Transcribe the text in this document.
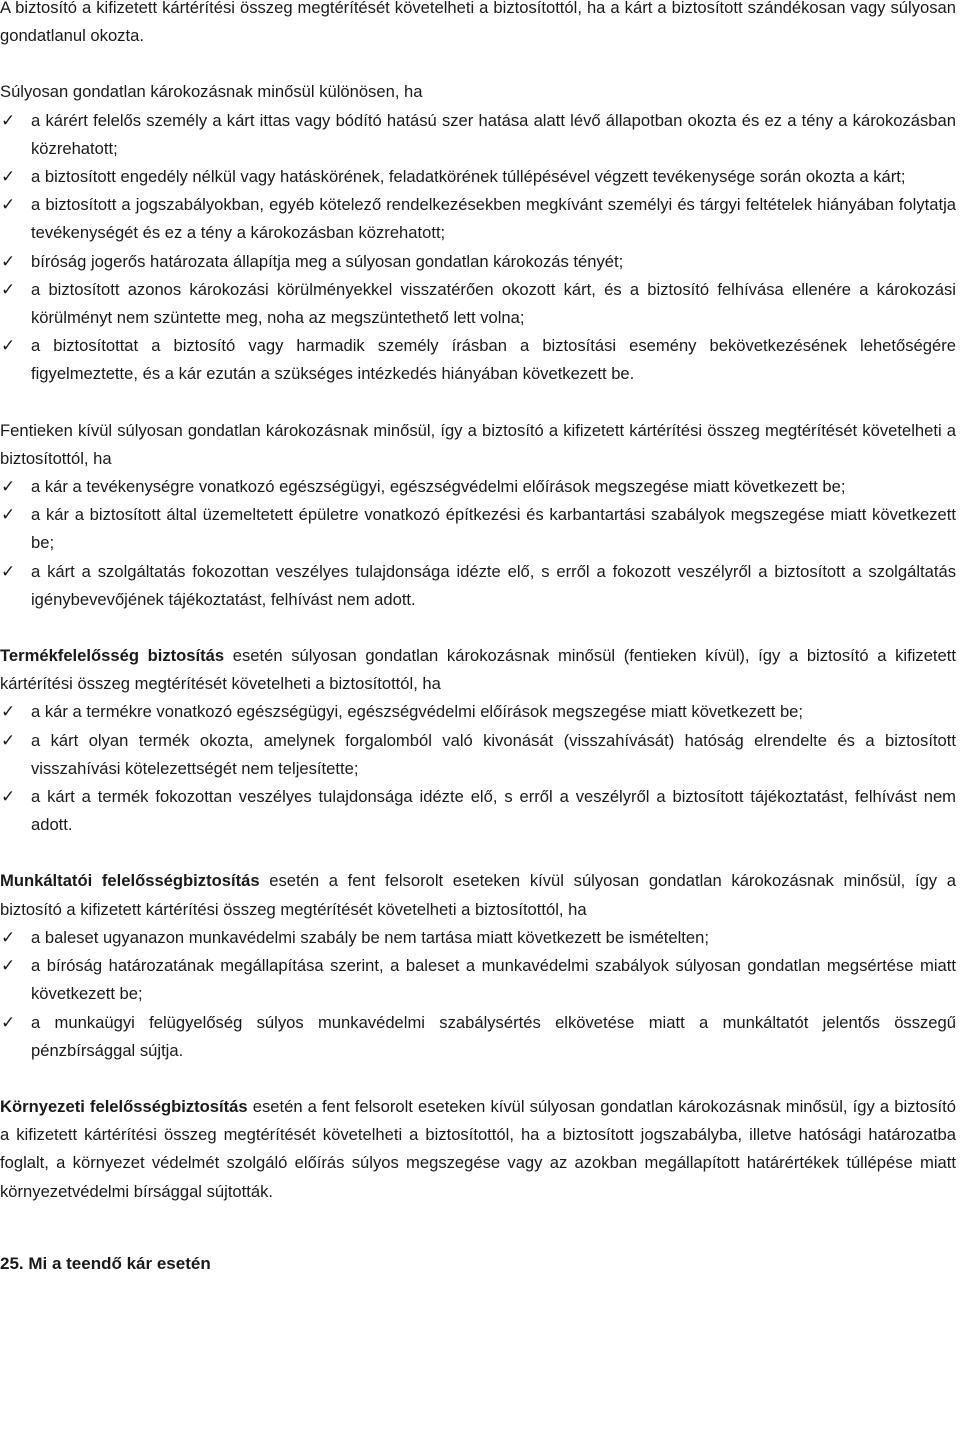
A biztosító a kifizetett kártérítési összeg megtérítését követelheti a biztosítottól, ha a kárt a biztosított szándékosan vagy súlyosan gondatlanul okozta.

Súlyosan gondatlan károkozásnak minősül különösen, ha

✓ a kárért felelős személy a kárt ittas vagy bódító hatású szer hatása alatt lévő állapotban okozta és ez a tény a károkozásban közrehatott;
✓ a biztosított engedély nélkül vagy hatáskörének, feladatkörének túllépésével végzett tevékenysége során okozta a kárt;
✓ a biztosított a jogszabályokban, egyéb kötelező rendelkezésekben megkívánt személyi és tárgyi feltételek hiányában folytatja tevékenységét és ez a tény a károkozásban közrehatott;
✓ bíróság jogerős határozata állapítja meg a súlyosan gondatlan károkozás tényét;
✓ a biztosított azonos károkozási körülményekkel visszatérően okozott kárt, és a biztosító felhívása ellenére a károkozási körülményt nem szüntette meg, noha az megszüntethető lett volna;
✓ a biztosítottat a biztosító vagy harmadik személy írásban a biztosítási esemény bekövetkezésének lehetőségére figyelmeztette, és a kár ezután a szükséges intézkedés hiányában következett be.

Fentieken kívül súlyosan gondatlan károkozásnak minősül, így a biztosító a kifizetett kártérítési összeg megtérítését követelheti a biztosítottól, ha

✓ a kár a tevékenységre vonatkozó egészségügyi, egészségvédelmi előírások megszegése miatt következett be;
✓ a kár a biztosított által üzemeltetett épületre vonatkozó építkezési és karbantartási szabályok megszegése miatt következett be;
✓ a kárt a szolgáltatás fokozottan veszélyes tulajdonsága idézte elő, s erről a fokozott veszélyről a biztosított a szolgáltatás igénybevevőjének tájékoztatást, felhívást nem adott.

Termékfelelősség biztosítás esetén súlyosan gondatlan károkozásnak minősül (fentieken kívül), így a biztosító a kifizetett kártérítési összeg megtérítését követelheti a biztosítottól, ha

✓ a kár a termékre vonatkozó egészségügyi, egészségvédelmi előírások megszegése miatt következett be;
✓ a kárt olyan termék okozta, amelynek forgalomból való kivonását (visszahívását) hatóság elrendelte és a biztosított visszahívási kötelezettségét nem teljesítette;
✓ a kárt a termék fokozottan veszélyes tulajdonsága idézte elő, s erről a veszélyről a biztosított tájékoztatást, felhívást nem adott.

Munkáltatói felelősségbiztosítás esetén a fent felsorolt eseteken kívül súlyosan gondatlan károkozásnak minősül, így a biztosító a kifizetett kártérítési összeg megtérítését követelheti a biztosítottól, ha

✓ a baleset ugyanazon munkavédelmi szabály be nem tartása miatt következett be ismételten;
✓ a bíróság határozatának megállapítása szerint, a baleset a munkavédelmi szabályok súlyosan gondatlan megsértése miatt következett be;
✓ a munkaügyi felügyelőség súlyos munkavédelmi szabálysértés elkövetése miatt a munkáltatót jelentős összegű pénzbírsággal sújtja.

Környezeti felelősségbiztosítás esetén a fent felsorolt eseteken kívül súlyosan gondatlan károkozásnak minősül, így a biztosító a kifizetett kártérítési összeg megtérítését követelheti a biztosítottól, ha a biztosított jogszabályba, illetve hatósági határozatba foglalt, a környezet védelmét szolgáló előírás súlyos megszegése vagy az azokban megállapított határértékek túllépése miatt környezetvédelmi bírsággal sújtották.

25. Mi a teendő kár esetén
